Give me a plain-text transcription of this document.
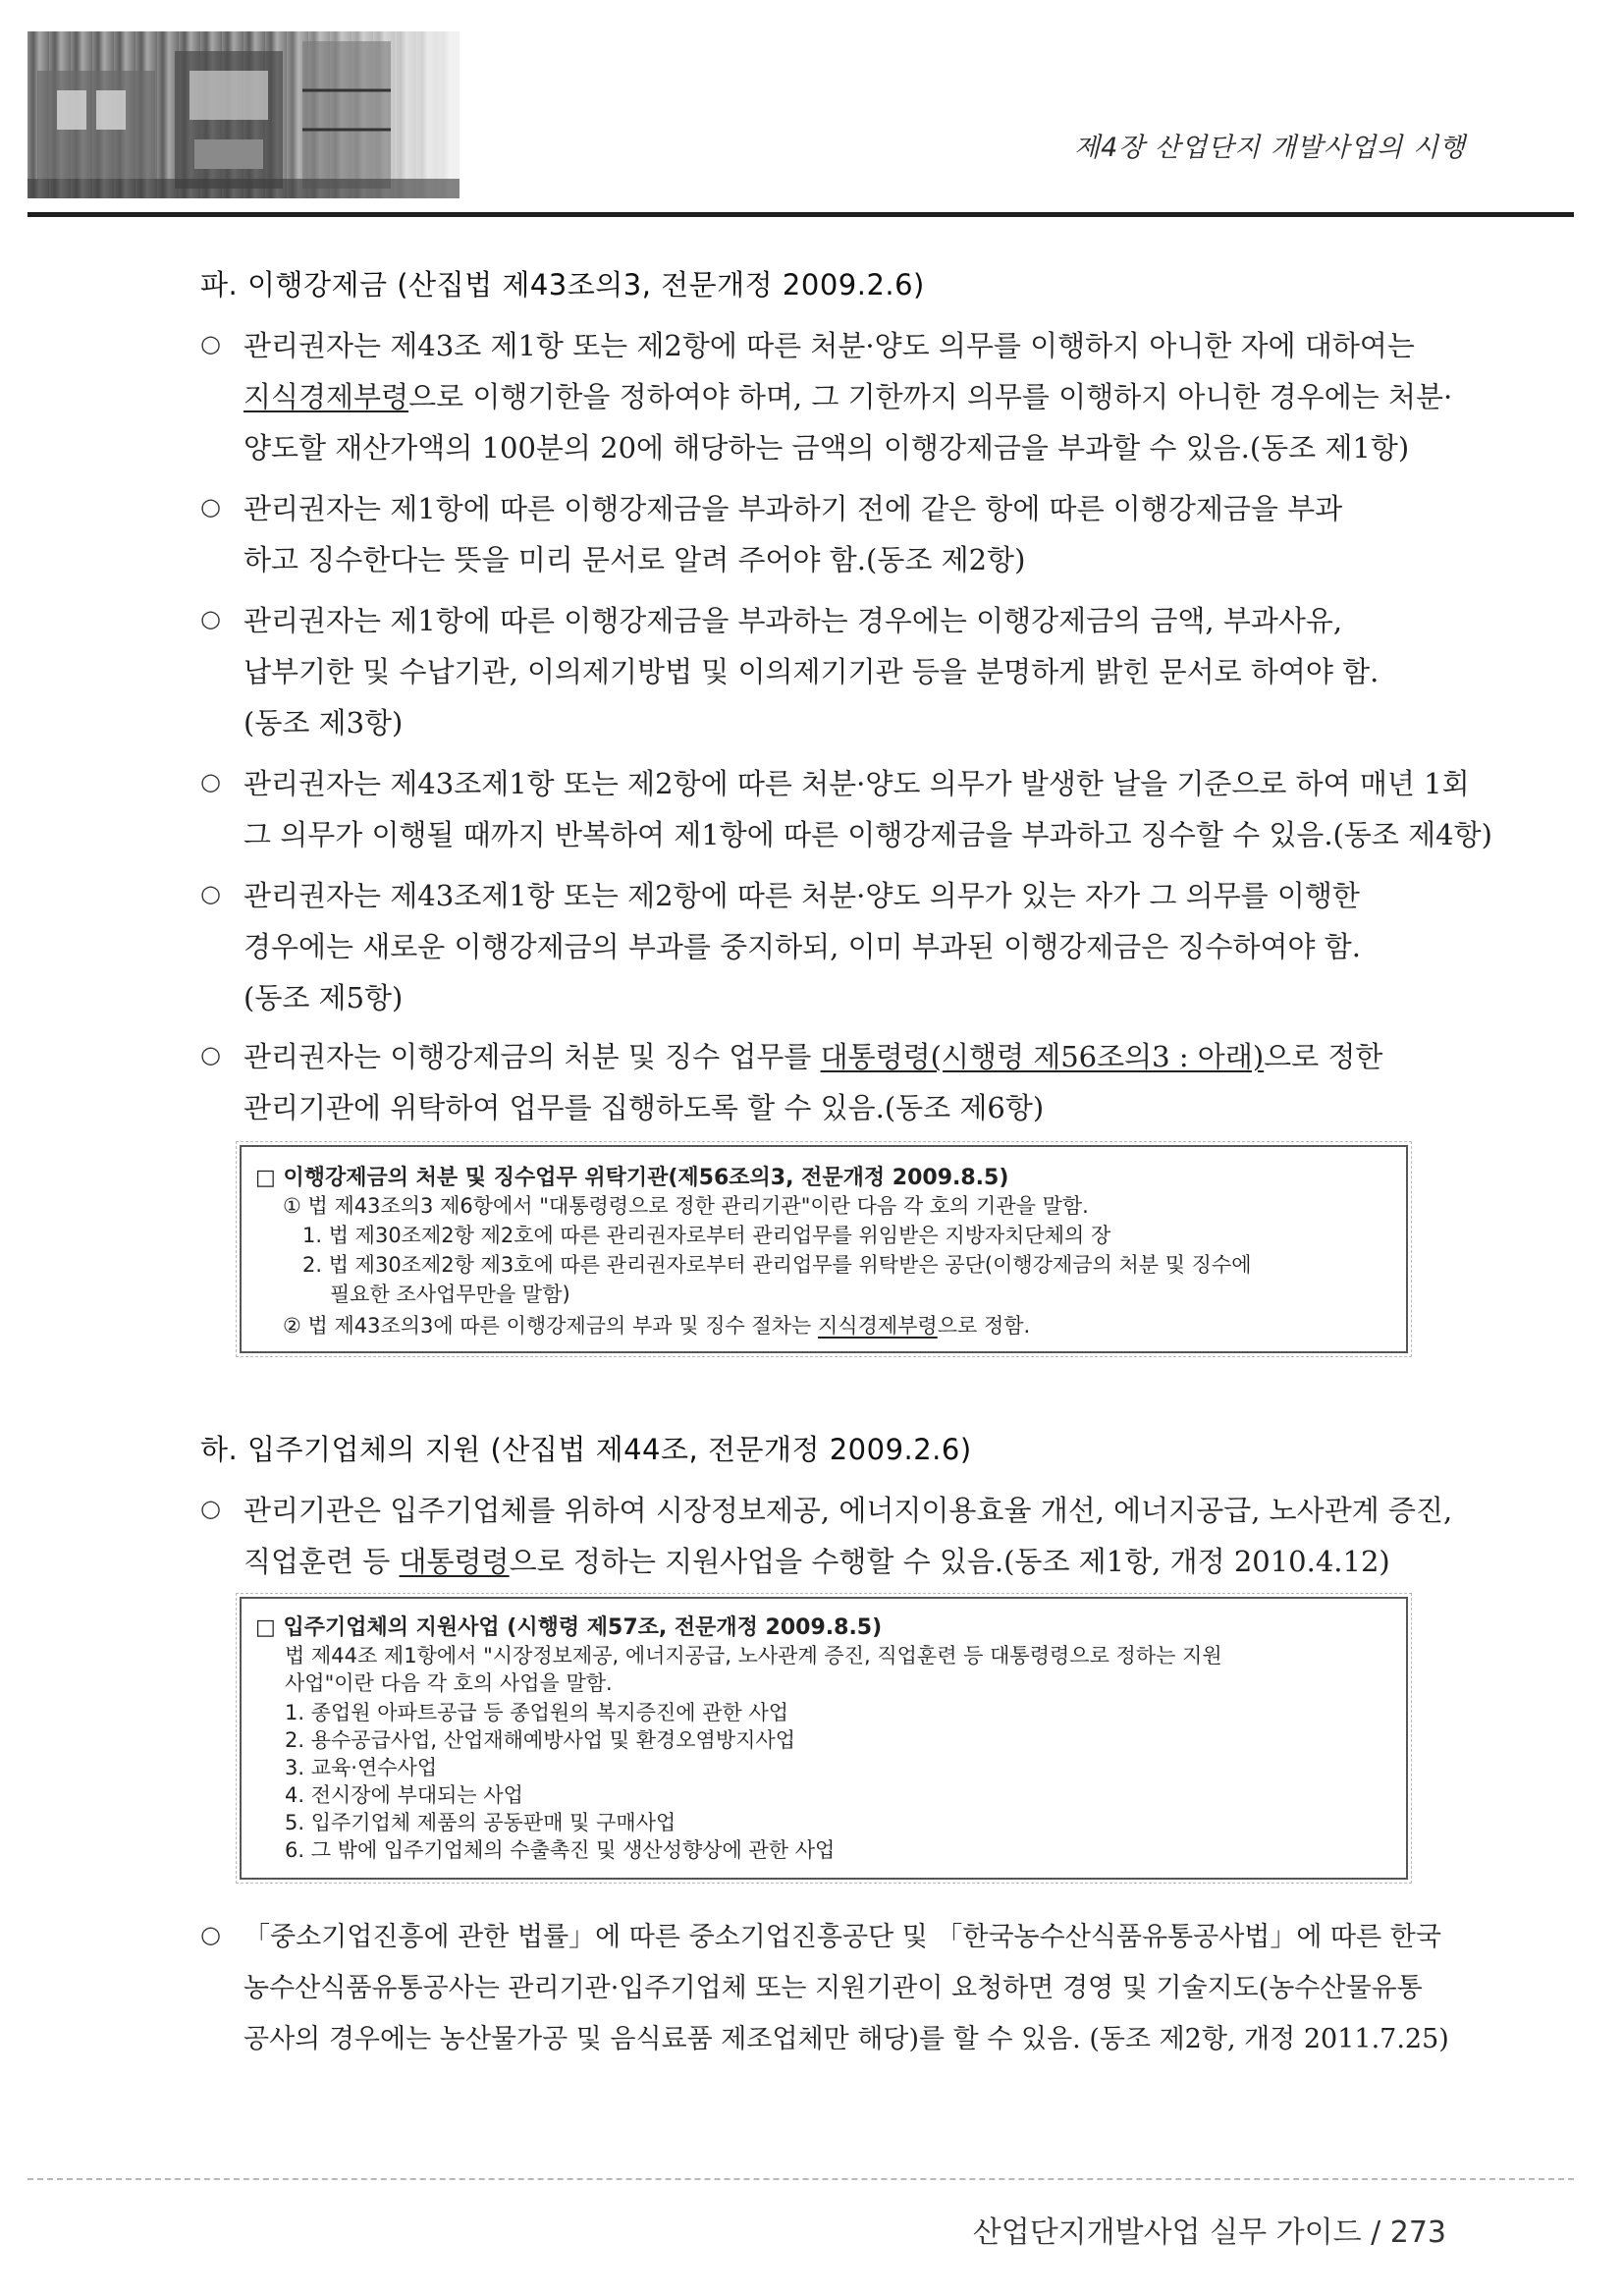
제4장 산업단지 개발사업의 시행
파. 이행강제금 (산집법 제43조의3, 전문개정 2009.2.6)
○ 관리권자는 제43조 제1항 또는 제2항에 따른 처분·양도 의무를 이행하지 아니한 자에 대하여는
지식경제부령으로 이행기한을 정하여야 하며, 그 기한까지 의무를 이행하지 아니한 경우에는 처분·
양도할 재산가액의 100분의 20에 해당하는 금액의 이행강제금을 부과할 수 있음.(동조 제1항)
○ 관리권자는 제1항에 따른 이행강제금을 부과하기 전에 같은 항에 따른 이행강제금을 부과
하고 징수한다는 뜻을 미리 문서로 알려 주어야 함.(동조 제2항)
○ 관리권자는 제1항에 따른 이행강제금을 부과하는 경우에는 이행강제금의 금액, 부과사유,
납부기한 및 수납기관, 이의제기방법 및 이의제기기관 등을 분명하게 밝힌 문서로 하여야 함.
(동조 제3항)
○ 관리권자는 제43조제1항 또는 제2항에 따른 처분·양도 의무가 발생한 날을 기준으로 하여 매년 1회
그 의무가 이행될 때까지 반복하여 제1항에 따른 이행강제금을 부과하고 징수할 수 있음.(동조 제4항)
○ 관리권자는 제43조제1항 또는 제2항에 따른 처분·양도 의무가 있는 자가 그 의무를 이행한
경우에는 새로운 이행강제금의 부과를 중지하되, 이미 부과된 이행강제금은 징수하여야 함.
(동조 제5항)
○ 관리권자는 이행강제금의 처분 및 징수 업무를 대통령령(시행령 제56조의3 : 아래)으로 정한
관리기관에 위탁하여 업무를 집행하도록 할 수 있음.(동조 제6항)
□ 이행강제금의 처분 및 징수업무 위탁기관(제56조의3, 전문개정 2009.8.5)
① 법 제43조의3 제6항에서 "대통령령으로 정한 관리기관"이란 다음 각 호의 기관을 말함.
1. 법 제30조제2항 제2호에 따른 관리권자로부터 관리업무를 위임받은 지방자치단체의 장
2. 법 제30조제2항 제3호에 따른 관리권자로부터 관리업무를 위탁받은 공단(이행강제금의 처분 및 징수에
필요한 조사업무만을 말함)
② 법 제43조의3에 따른 이행강제금의 부과 및 징수 절차는 지식경제부령으로 정함.
하. 입주기업체의 지원 (산집법 제44조, 전문개정 2009.2.6)
○ 관리기관은 입주기업체를 위하여 시장정보제공, 에너지이용효율 개선, 에너지공급, 노사관계 증진,
직업훈련 등 대통령령으로 정하는 지원사업을 수행할 수 있음.(동조 제1항, 개정 2010.4.12)
□ 입주기업체의 지원사업 (시행령 제57조, 전문개정 2009.8.5)
법 제44조 제1항에서 "시장정보제공, 에너지공급, 노사관계 증진, 직업훈련 등 대통령령으로 정하는 지원
사업"이란 다음 각 호의 사업을 말함.
1. 종업원 아파트공급 등 종업원의 복지증진에 관한 사업
2. 용수공급사업, 산업재해예방사업 및 환경오염방지사업
3. 교육·연수사업
4. 전시장에 부대되는 사업
5. 입주기업체 제품의 공동판매 및 구매사업
6. 그 밖에 입주기업체의 수출촉진 및 생산성향상에 관한 사업
○ 「중소기업진흥에 관한 법률」에 따른 중소기업진흥공단 및 「한국농수산식품유통공사법」에 따른 한국
농수산식품유통공사는 관리기관·입주기업체 또는 지원기관이 요청하면 경영 및 기술지도(농수산물유통
공사의 경우에는 농산물가공 및 음식료품 제조업체만 해당)를 할 수 있음. (동조 제2항, 개정 2011.7.25)
산업단지개발사업 실무 가이드 / 273
